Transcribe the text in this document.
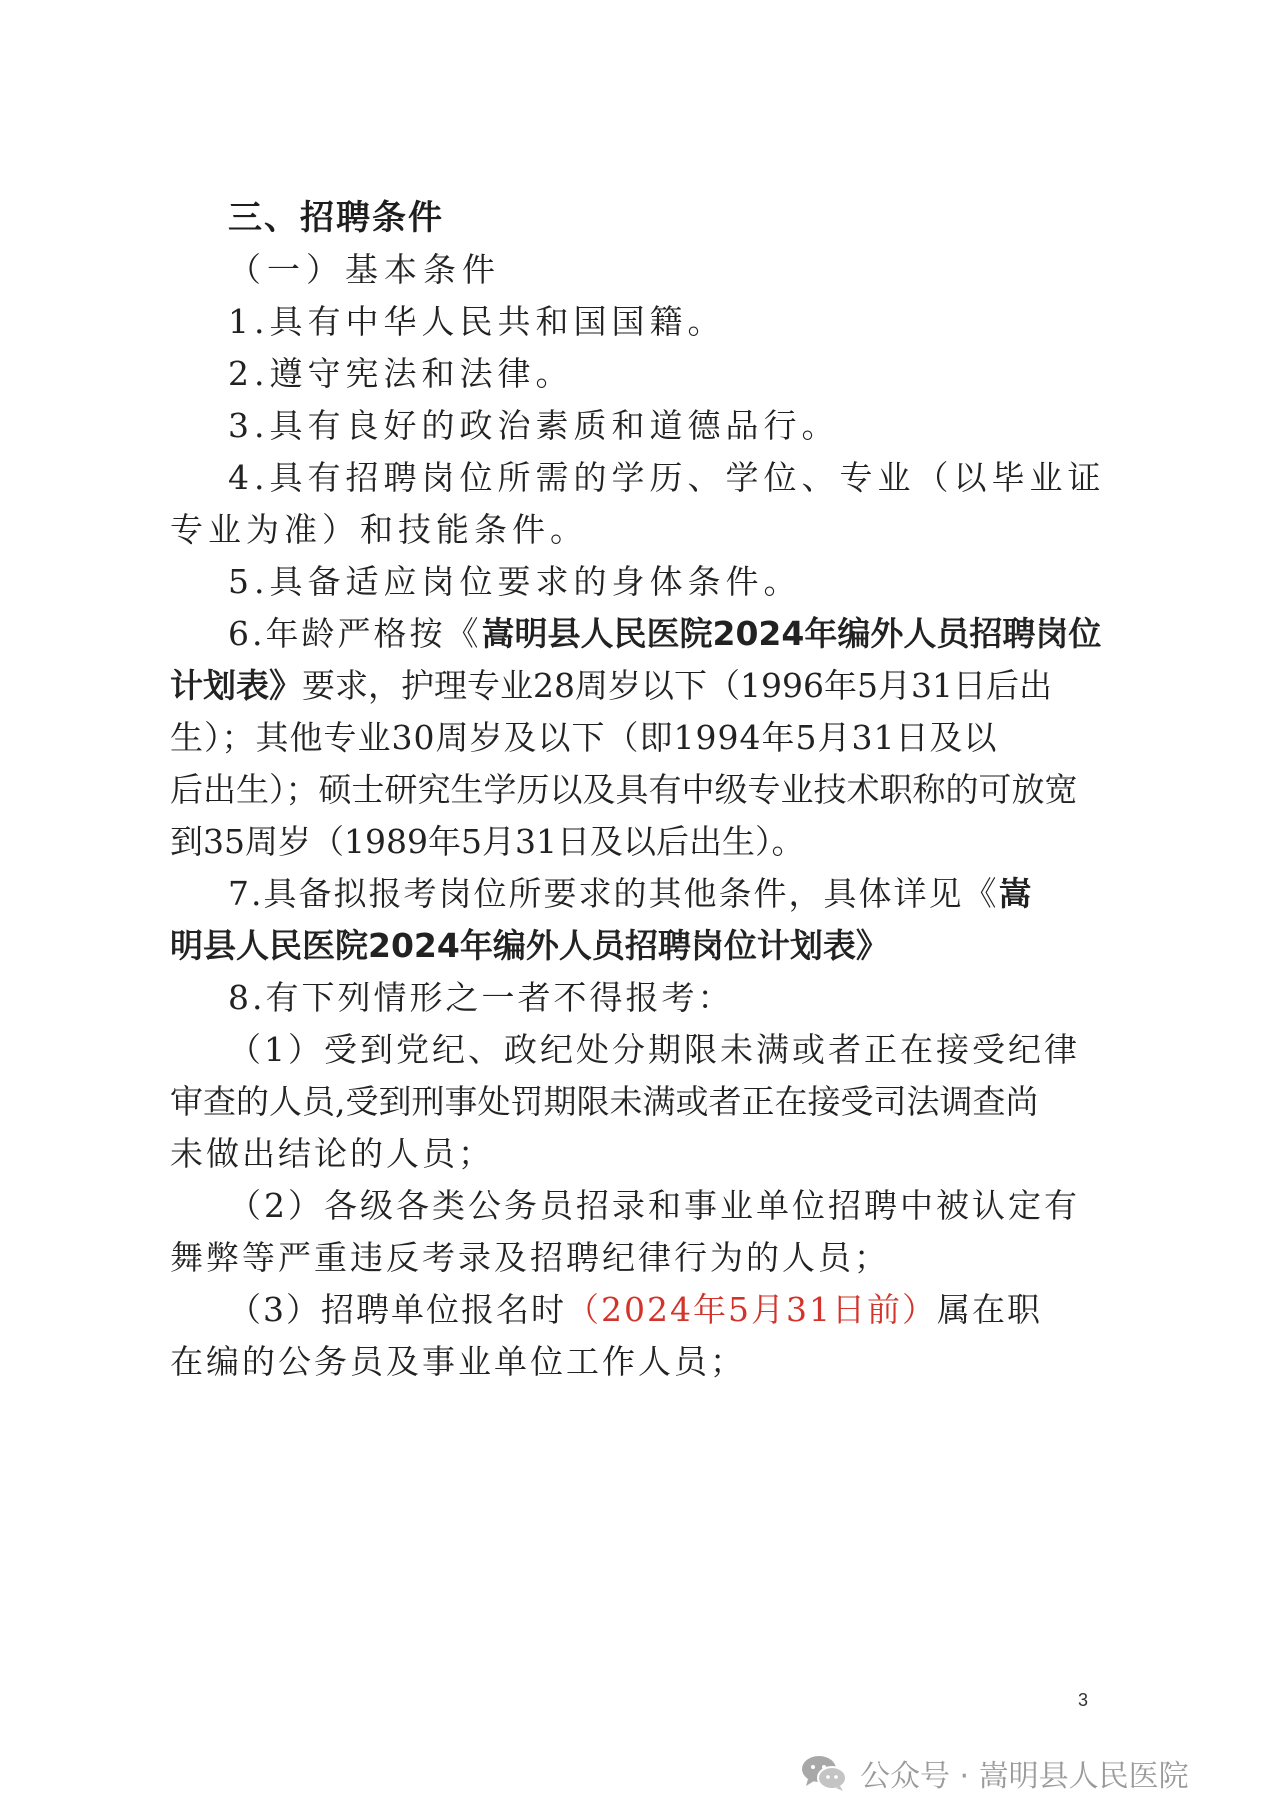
三、招聘条件
（一）基本条件
1.具有中华人民共和国国籍。
2.遵守宪法和法律。
3.具有良好的政治素质和道德品行。
4.具有招聘岗位所需的学历、学位、专业（以毕业证
专业为准）和技能条件。
5.具备适应岗位要求的身体条件。
6.年龄严格按《嵩明县人民医院2024年编外人员招聘岗位
计划表》要求，护理专业28周岁以下（1996年5月31日后出
生）；其他专业30周岁及以下（即1994年5月31日及以
后出生）；硕士研究生学历以及具有中级专业技术职称的可放宽
到35周岁（1989年5月31日及以后出生）。
7.具备拟报考岗位所要求的其他条件，具体详见《嵩
明县人民医院2024年编外人员招聘岗位计划表》
8.有下列情形之一者不得报考：
（1）受到党纪、政纪处分期限未满或者正在接受纪律
审查的人员,受到刑事处罚期限未满或者正在接受司法调查尚
未做出结论的人员；
（2）各级各类公务员招录和事业单位招聘中被认定有
舞弊等严重违反考录及招聘纪律行为的人员；
（3）招聘单位报名时（2024年5月31日前）属在职
在编的公务员及事业单位工作人员；
3
公众号 · 嵩明县人民医院
